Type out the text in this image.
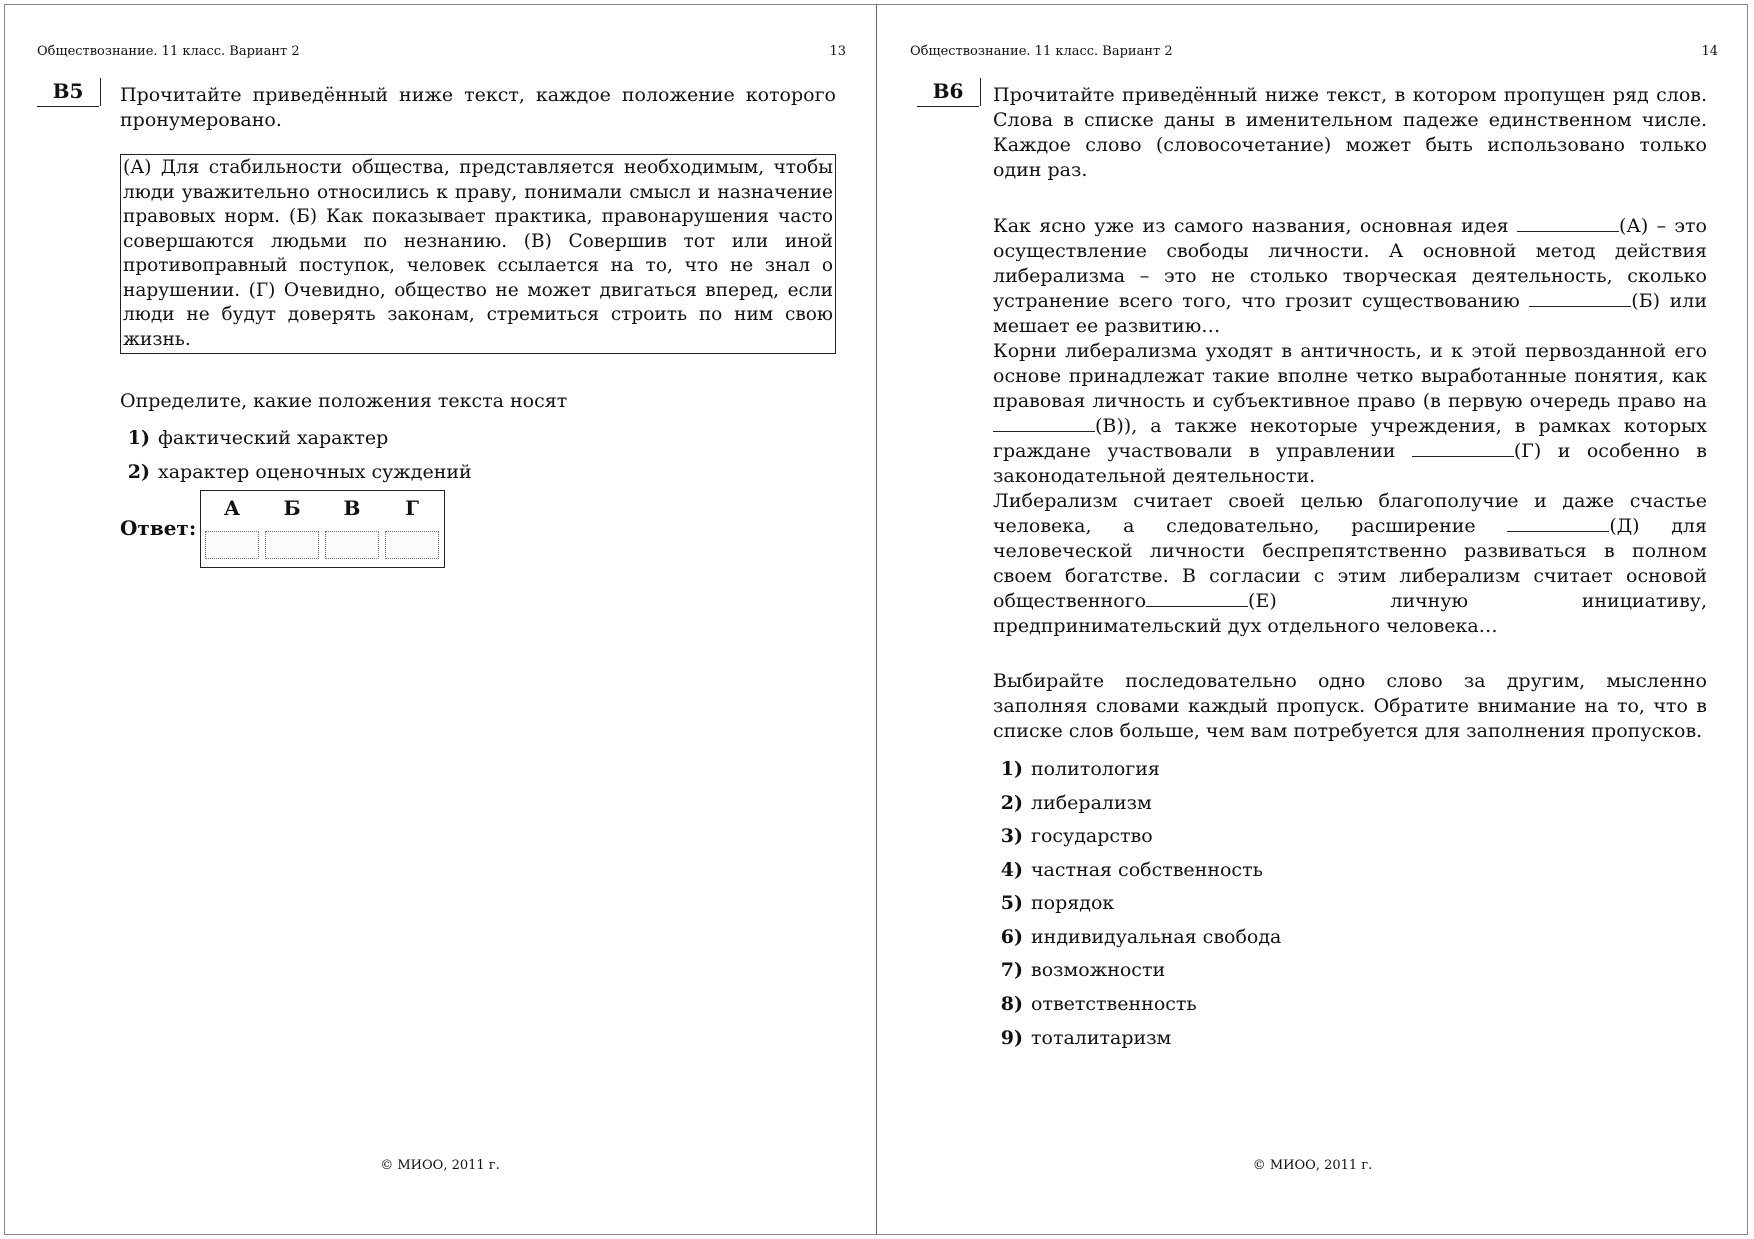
Обществознание. 11 класс. Вариант 2	13
B5	Прочитайте приведённый ниже текст, каждое положение которого пронумеровано.

(А) Для стабильности общества, представляется необходимым, чтобы люди уважительно относились к праву, понимали смысл и назначение правовых норм. (Б) Как показывает практика, правонарушения часто совершаются людьми по незнанию. (В) Совершив тот или иной противоправный поступок, человек ссылается на то, что не знал о нарушении. (Г) Очевидно, общество не может двигаться вперед, если люди не будут доверять законам, стремиться строить по ним свою жизнь.

Определите, какие положения текста носят

1) фактический характер
2) характер оценочных суждений
Ответ:
А	Б	В	Г
© МИОО, 2011 г.
Обществознание. 11 класс. Вариант 2	14
B6	Прочитайте приведённый ниже текст, в котором пропущен ряд слов. Слова в списке даны в именительном падеже единственном числе. Каждое слово (словосочетание) может быть использовано только один раз.

Как ясно уже из самого названия, основная идея	(А) – это осуществление свободы личности. А основной метод действия либерализма – это не столько творческая деятельность, сколько устранение всего того, что грозит существованию	(Б) или мешает ее развитию…

Корни либерализма уходят в античность, и к этой первозданной его основе принадлежат такие вполне четко выработанные понятия, как правовая личность и субъективное право (в первую очередь право на(В)), а также некоторые учреждения, в рамках которых граждане участвовали в управлении	(Г) и особенно в законодательной деятельности.

Либерализм считает своей целью благополучие и даже счастье человека, а следовательно, расширение	(Д) для человеческой личности беспрепятственно развиваться в полном своем богатстве. В согласии с этим либерализм считает основой общественного	(Е) личную инициативу, предпринимательский дух отдельного человека…

Выбирайте последовательно одно слово за другим, мысленно заполняя словами каждый пропуск. Обратите внимание на то, что в списке слов больше, чем вам потребуется для заполнения пропусков.

1) политология
2) либерализм
3) государство
4) частная собственность
5) порядок
6) индивидуальная свобода
7) возможности
8) ответственность
9) тоталитаризм
© МИОО, 2011 г.
